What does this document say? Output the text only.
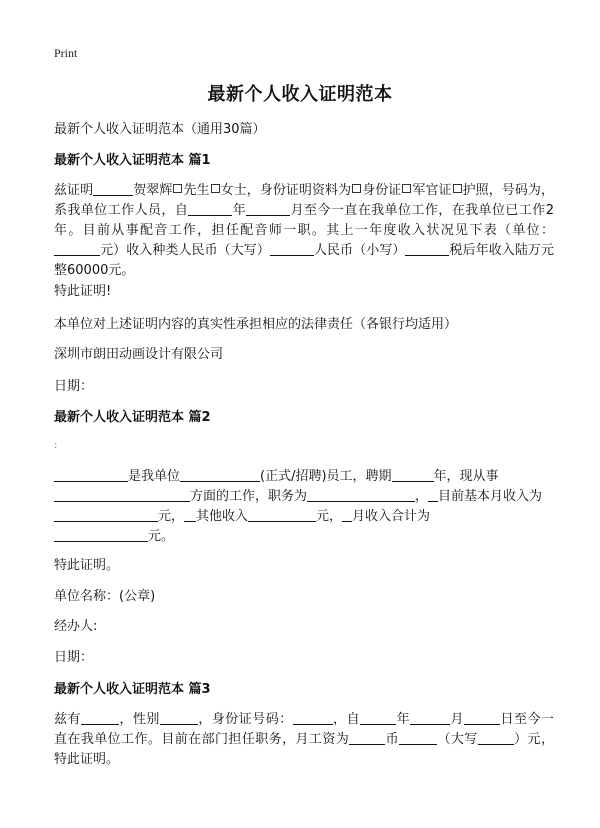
Print
最新个人收入证明范本
最新个人收入证明范本（通用30篇）
最新个人收入证明范本 篇1
兹证明	贺翠辉 先生 女士，身份证明资料为 身份证 军官证 护照，号码为，系我单位工作人员，自	年	月至今一直在我单位工作，在我单位已工作2年。目前从事配音工作，担任配音师一职。其上一年度收入状况见下表（单位：元）收入种类人民币（大写）	人民币（小写）	税后年收入陆万元整60000元。
特此证明!
本单位对上述证明内容的真实性承担相应的法律责任（各银行均适用）
深圳市朗田动画设计有限公司
日期：
最新个人收入证明范本 篇2
:
是我单位	(正式/招聘)员工，聘期	年，现从事
方面的工作，职务为	， 目前基本月收入为
元， 其他收入	元， 月收入合计为
元。
特此证明。
单位名称：(公章)
经办人:
日期：
最新个人收入证明范本 篇3
兹有	，性别	，身份证号码：	，自	年	月	日至今一直在我单位工作。目前在部门担任职务，月工资为	币	（大写	）元，特此证明。
